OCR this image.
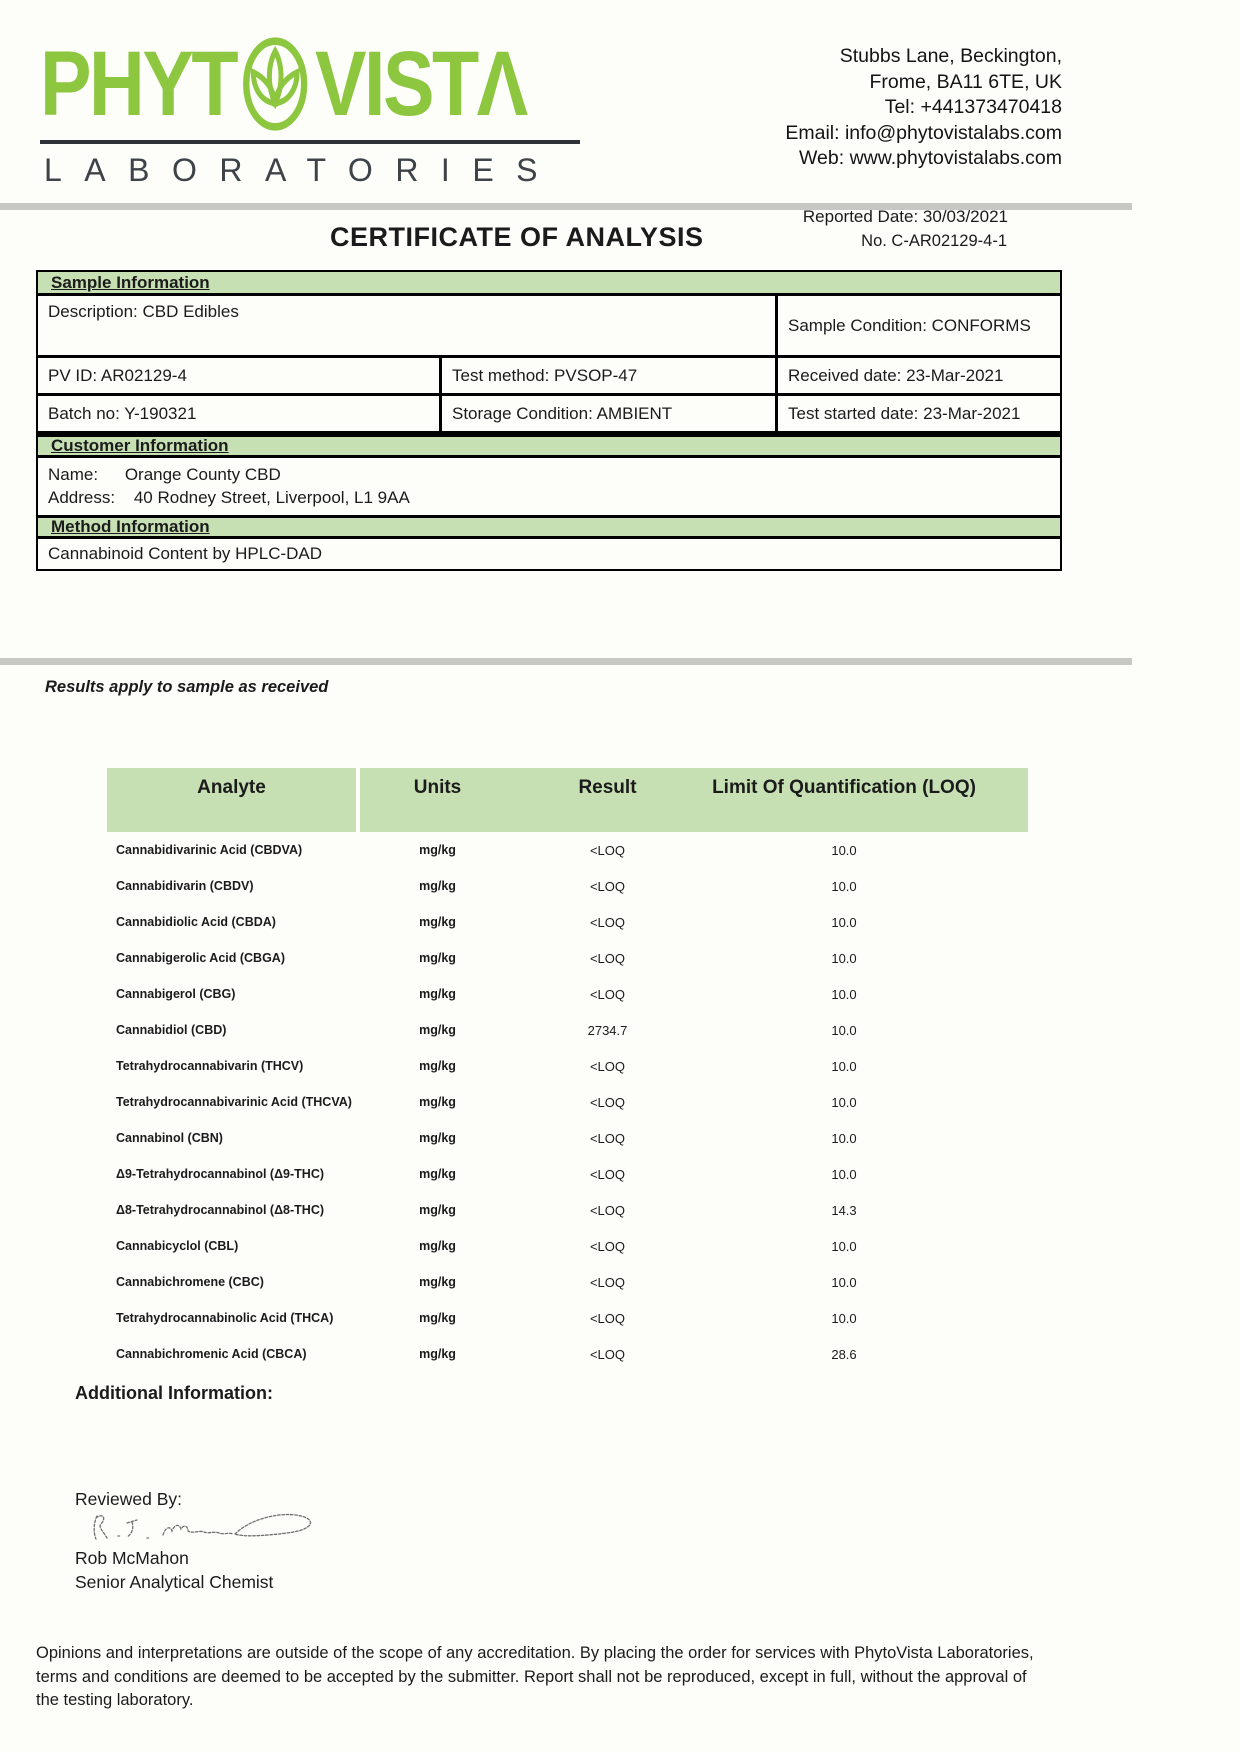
PHYT VISTΛ
LABORATORIES
Stubbs Lane, Beckington,
Frome, BA11 6TE, UK
Tel: +441373470418
Email: info@phytovistalabs.com
Web: www.phytovistalabs.com
Reported Date: 30/03/2021
CERTIFICATE OF ANALYSIS	No. C-AR02129-4-1
Sample Information
Description: CBD Edibles
Sample Condition: CONFORMS
PV ID: AR02129-4	Test method: PVSOP-47	Received date: 23-Mar-2021
Batch no: Y-190321	Storage Condition: AMBIENT	Test started date: 23-Mar-2021
Customer Information
Name: Orange County CBD
Address: 40 Rodney Street, Liverpool, L1 9AA
Method Information
Cannabinoid Content by HPLC-DAD
Results apply to sample as received
Analyte	Units	Result	Limit Of Quantification (LOQ)
Cannabidivarinic Acid (CBDVA)	mg/kg	<LOQ	10.0
Cannabidivarin (CBDV)	mg/kg	<LOQ	10.0
Cannabidiolic Acid (CBDA)	mg/kg	<LOQ	10.0
Cannabigerolic Acid (CBGA)	mg/kg	<LOQ	10.0
Cannabigerol (CBG)	mg/kg	<LOQ	10.0
Cannabidiol (CBD)	mg/kg	2734.7	10.0
Tetrahydrocannabivarin (THCV)	mg/kg	<LOQ	10.0
Tetrahydrocannabivarinic Acid (THCVA)	mg/kg	<LOQ	10.0
Cannabinol (CBN)	mg/kg	<LOQ	10.0
Δ9-Tetrahydrocannabinol (Δ9-THC)	mg/kg	<LOQ	10.0
Δ8-Tetrahydrocannabinol (Δ8-THC)	mg/kg	<LOQ	14.3
Cannabicyclol (CBL)	mg/kg	<LOQ	10.0
Cannabichromene (CBC)	mg/kg	<LOQ	10.0
Tetrahydrocannabinolic Acid (THCA)	mg/kg	<LOQ	10.0
Cannabichromenic Acid (CBCA)	mg/kg	<LOQ	28.6
Additional Information:
Reviewed By:
Rob McMahon
Senior Analytical Chemist
Opinions and interpretations are outside of the scope of any accreditation. By placing the order for services with PhytoVista Laboratories,
terms and conditions are deemed to be accepted by the submitter. Report shall not be reproduced, except in full, without the approval of
the testing laboratory.
